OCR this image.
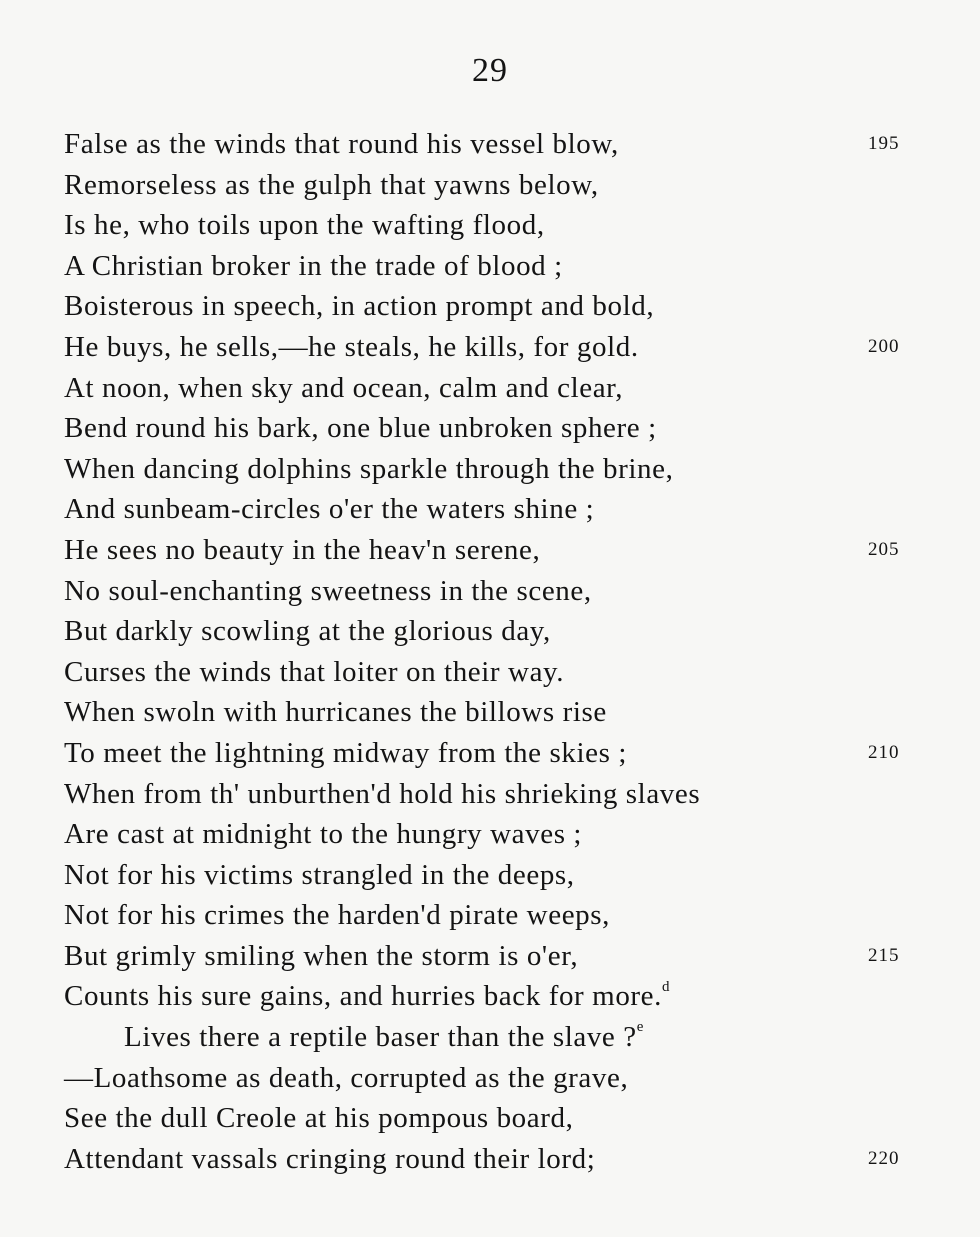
29
False as the winds that round his vessel blow,	195
Remorseless as the gulph that yawns below,
Is he, who toils upon the wafting flood,
A Christian broker in the trade of blood ;
Boisterous in speech, in action prompt and bold,
He buys, he sells,—he steals, he kills, for gold.	200
At noon, when sky and ocean, calm and clear,
Bend round his bark, one blue unbroken sphere ;
When dancing dolphins sparkle through the brine,
And sunbeam-circles o'er the waters shine ;
He sees no beauty in the heav'n serene,	205
No soul-enchanting sweetness in the scene,
But darkly scowling at the glorious day,
Curses the winds that loiter on their way.
When swoln with hurricanes the billows rise
To meet the lightning midway from the skies ;	210
When from th' unburthen'd hold his shrieking slaves
Are cast at midnight to the hungry waves ;
Not for his victims strangled in the deeps,
Not for his crimes the harden'd pirate weeps,
But grimly smiling when the storm is o'er,	215
Counts his sure gains, and hurries back for more.$^d$
Lives there a reptile baser than the slave ?$^e$
—Loathsome as death, corrupted as the grave,
See the dull Creole at his pompous board,
Attendant vassals cringing round their lord;	220
